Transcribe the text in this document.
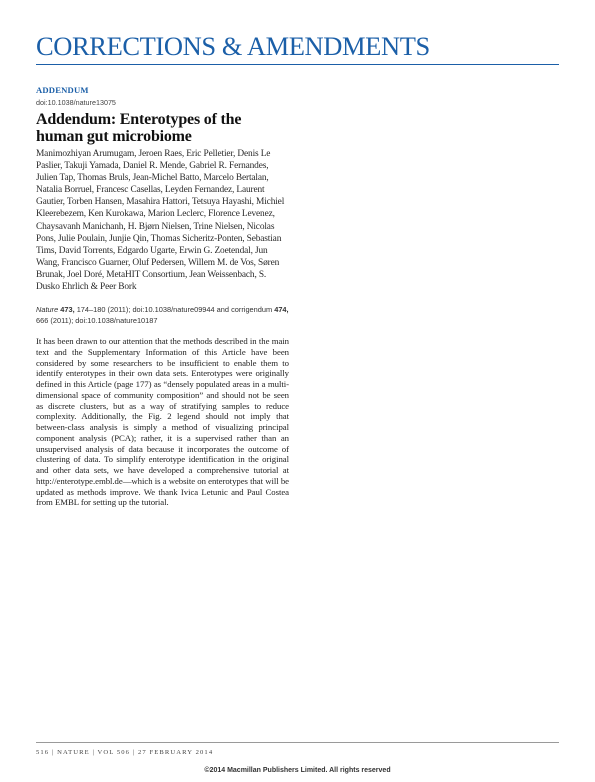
CORRECTIONS & AMENDMENTS
ADDENDUM
doi:10.1038/nature13075
Addendum: Enterotypes of the human gut microbiome
Manimozhiyan Arumugam, Jeroen Raes, Eric Pelletier, Denis Le Paslier, Takuji Yamada, Daniel R. Mende, Gabriel R. Fernandes, Julien Tap, Thomas Bruls, Jean-Michel Batto, Marcelo Bertalan, Natalia Borruel, Francesc Casellas, Leyden Fernandez, Laurent Gautier, Torben Hansen, Masahira Hattori, Tetsuya Hayashi, Michiel Kleerebezem, Ken Kurokawa, Marion Leclerc, Florence Levenez, Chaysavanh Manichanh, H. Bjørn Nielsen, Trine Nielsen, Nicolas Pons, Julie Poulain, Junjie Qin, Thomas Sicheritz-Ponten, Sebastian Tims, David Torrents, Edgardo Ugarte, Erwin G. Zoetendal, Jun Wang, Francisco Guarner, Oluf Pedersen, Willem M. de Vos, Søren Brunak, Joel Doré, MetaHIT Consortium, Jean Weissenbach, S. Dusko Ehrlich & Peer Bork
Nature 473, 174–180 (2011); doi:10.1038/nature09944 and corrigendum 474, 666 (2011); doi:10.1038/nature10187
It has been drawn to our attention that the methods described in the main text and the Supplementary Information of this Article have been considered by some researchers to be insufficient to enable them to identify enterotypes in their own data sets. Enterotypes were originally defined in this Article (page 177) as “densely populated areas in a multi-dimensional space of community composition” and should not be seen as discrete clusters, but as a way of stratifying samples to reduce complexity. Additionally, the Fig. 2 legend should not imply that between-class analysis is simply a method of visualizing principal component analysis (PCA); rather, it is a supervised rather than an unsupervised analysis of data because it incorporates the outcome of clustering of data. To simplify enterotype identification in the original and other data sets, we have developed a comprehensive tutorial at http://enterotype.embl.de—which is a website on enterotypes that will be updated as methods improve. We thank Ivica Letunic and Paul Costea from EMBL for setting up the tutorial.
516 | NATURE | VOL 506 | 27 FEBRUARY 2014
©2014 Macmillan Publishers Limited. All rights reserved
